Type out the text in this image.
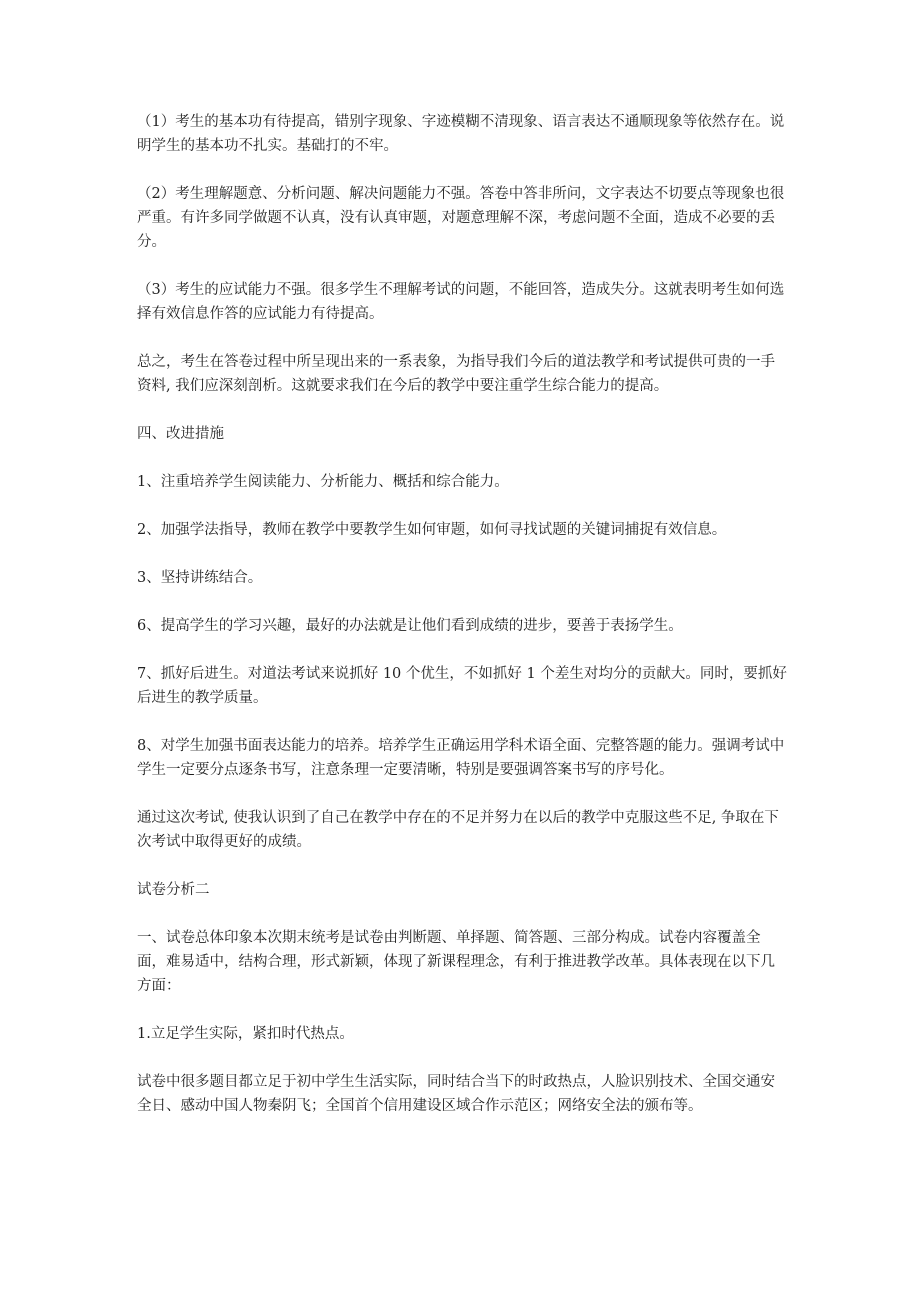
（1）考生的基本功有待提高，错别字现象、字迹模糊不清现象、语言表达不通顺现象等依然存在。说明学生的基本功不扎实。基础打的不牢。

（2）考生理解题意、分析问题、解决问题能力不强。答卷中答非所问，文字表达不切要点等现象也很严重。有许多同学做题不认真，没有认真审题，对题意理解不深，考虑问题不全面，造成不必要的丢分。

（3）考生的应试能力不强。很多学生不理解考试的问题，不能回答，造成失分。这就表明考生如何选择有效信息作答的应试能力有待提高。

总之，考生在答卷过程中所呈现出来的一系表象，为指导我们今后的道法教学和考试提供可贵的一手资料, 我们应深刻剖析。这就要求我们在今后的教学中要注重学生综合能力的提高。

四、改进措施

1、注重培养学生阅读能力、分析能力、概括和综合能力。

2、加强学法指导，教师在教学中要教学生如何审题，如何寻找试题的关键词捕捉有效信息。

3、坚持讲练结合。

6、提高学生的学习兴趣，最好的办法就是让他们看到成绩的进步，要善于表扬学生。

7、抓好后进生。对道法考试来说抓好 10 个优生，不如抓好 1 个差生对均分的贡献大。同时，要抓好后进生的教学质量。

8、对学生加强书面表达能力的培养。培养学生正确运用学科术语全面、完整答题的能力。强调考试中学生一定要分点逐条书写，注意条理一定要清晰，特别是要强调答案书写的序号化。

通过这次考试, 使我认识到了自己在教学中存在的不足并努力在以后的教学中克服这些不足, 争取在下次考试中取得更好的成绩。

试卷分析二

一、试卷总体印象本次期末统考是试卷由判断题、单择题、简答题、三部分构成。试卷内容覆盖全面，难易适中，结构合理，形式新颖，体现了新课程理念，有利于推进教学改革。具体表现在以下几方面：

1.立足学生实际，紧扣时代热点。

试卷中很多题目都立足于初中学生生活实际，同时结合当下的时政热点，人脸识别技术、全国交通安全日、感动中国人物秦阴飞；全国首个信用建设区域合作示范区；网络安全法的颁布等。
